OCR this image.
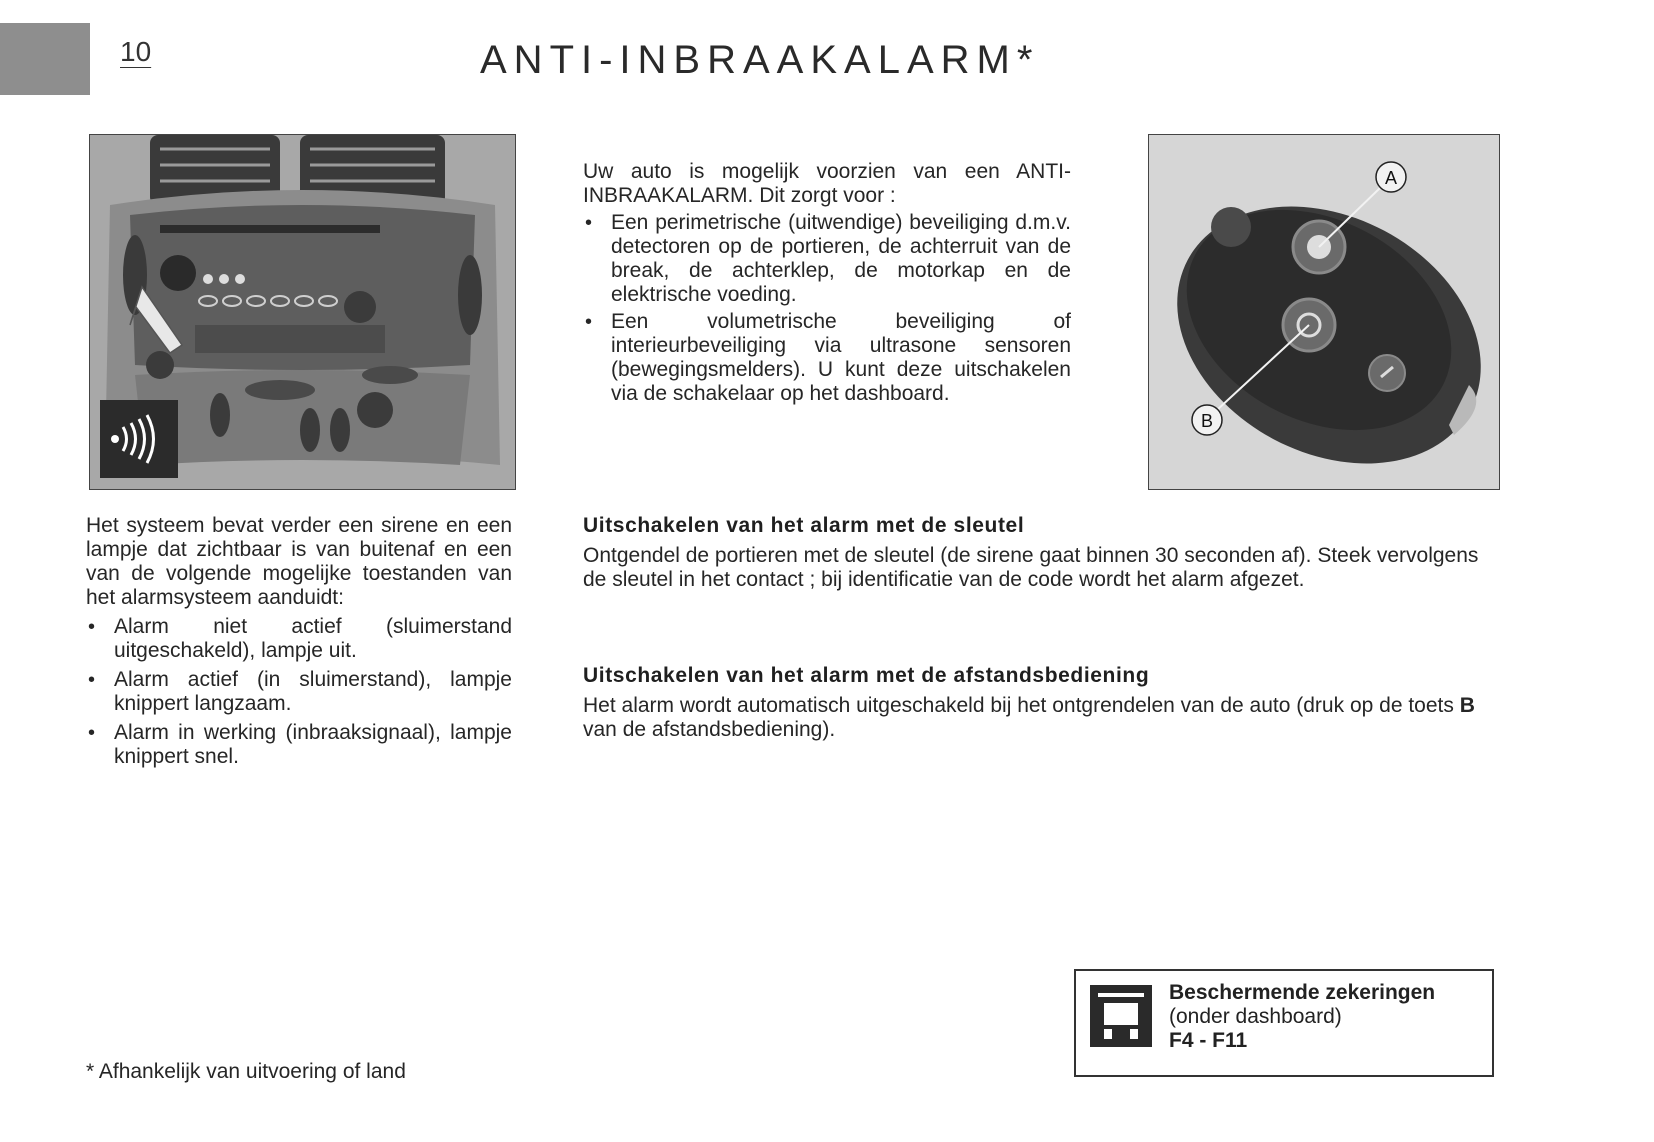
10	ANTI-INBRAAKALARM*

Uw auto is mogelijk voorzien van een ANTI-INBRAAKALARM. Dit zorgt voor :

• Een perimetrische (uitwendige) beveiliging d.m.v. detectoren op de portieren, de achterruit van de break, de achterklep, de motorkap en de elektrische voeding.
• Een volumetrische beveiliging of interieurbeveiliging via ultrasone sensoren (bewegingsmelders). U kunt deze uitschakelen via de schakelaar op het dashboard.
A
B

Het systeem bevat verder een sirene en een lampje dat zichtbaar is van buitenaf en een van de volgende mogelijke toestanden van het alarmsysteem aanduidt:

• Alarm niet actief (sluimerstand uitgeschakeld), lampje uit.
• Alarm actief (in sluimerstand), lampje knippert langzaam.
• Alarm in werking (inbraaksignaal), lampje knippert snel.
Uitschakelen van het alarm met de sleutel
Ontgendel de portieren met de sleutel (de sirene gaat binnen 30 seconden af). Steek vervolgens de sleutel in het contact ; bij identificatie van de code wordt het alarm afgezet.
Uitschakelen van het alarm met de afstandsbediening
Het alarm wordt automatisch uitgeschakeld bij het ontgrendelen van de auto (druk op de toets B van de afstandsbediening).
* Afhankelijk van uitvoering of land
Beschermende zekeringen
(onder dashboard)
F4 - F11
